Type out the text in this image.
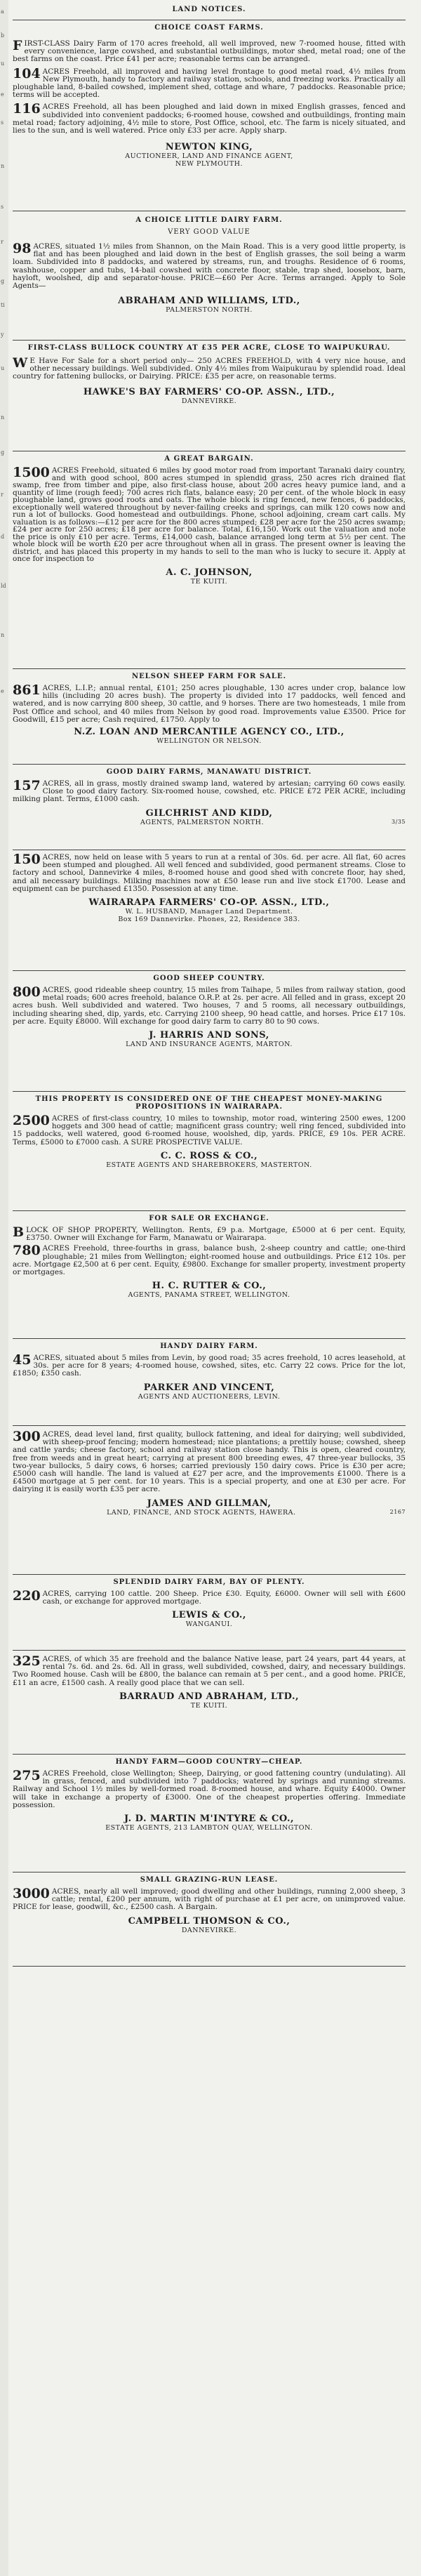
a
b
u
e
s
n
s
r
g
ti
y
u
n
g
r
d
ld
n
e

LAND NOTICES.

CHOICE COAST FARMS.

F IRST-CLASS Dairy Farm of 170 acres freehold, all well improved, new 7-roomed house, fitted with every convenience, large cowshed, and substantial outbuildings, motor shed, metal road; one of the best farms on the coast. Price £41 per acre; reasonable terms can be arranged.

104 ACRES Freehold, all improved and having level frontage to good metal road, 4½ miles from New Plymouth, handy to factory and railway station, schools, and freezing works. Practically all ploughable land, 8-bailed cowshed, implement shed, cottage and whare, 7 paddocks. Reasonable price; terms will be accepted.

116 ACRES Freehold, all has been ploughed and laid down in mixed English grasses, fenced and subdivided into convenient paddocks; 6-roomed house, cowshed and outbuildings, fronting main metal road; factory adjoining, 4½ mile to store, Post Office, school, etc. The farm is nicely situated, and lies to the sun, and is well watered. Price only £33 per acre. Apply sharp.

NEWTON KING,

AUCTIONEER, LAND AND FINANCE AGENT,

NEW PLYMOUTH.

A CHOICE LITTLE DAIRY FARM.

VERY GOOD VALUE

98 ACRES, situated 1½ miles from Shannon, on the Main Road. This is a very good little property, is flat and has been ploughed and laid down in the best of English grasses, the soil being a warm loam. Subdivided into 8 paddocks, and watered by streams, run, and troughs. Residence of 6 rooms, washhouse, copper and tubs, 14-bail cowshed with concrete floor, stable, trap shed, loosebox, barn, hayloft, woolshed, dip and separator-house. PRICE—£60 Per Acre. Terms arranged. Apply to Sole Agents—

ABRAHAM AND WILLIAMS, LTD.,

PALMERSTON NORTH.

FIRST-CLASS BULLOCK COUNTRY AT £35 PER ACRE, CLOSE TO WAIPUKURAU.

W E Have For Sale for a short period only— 250 ACRES FREEHOLD, with 4 very nice house, and other necessary buildings. Well subdivided. Only 4½ miles from Waipukurau by splendid road. Ideal country for fattening bullocks, or Dairying. PRICE: £35 per acre, on reasonable terms.

HAWKE'S BAY FARMERS' CO-OP. ASSN., LTD.,

DANNEVIRKE.

A GREAT BARGAIN.

1500 ACRES Freehold, situated 6 miles by good motor road from important Taranaki dairy country, and with good school, 800 acres stumped in splendid grass, 250 acres rich drained flat swamp, free from timber and pipe, also first-class house, about 200 acres heavy pumice land, and a quantity of lime (rough feed); 700 acres rich flats, balance easy; 20 per cent. of the whole block in easy ploughable land, grows good roots and oats. The whole block is ring fenced, new fences, 6 paddocks, exceptionally well watered throughout by never-failing creeks and springs, can milk 120 cows now and run a lot of bullocks. Good homestead and outbuildings. Phone, school adjoining, cream cart calls. My valuation is as follows:—£12 per acre for the 800 acres stumped; £28 per acre for the 250 acres swamp; £24 per acre for 250 acres; £18 per acre for balance. Total, £16,150. Work out the valuation and note the price is only £10 per acre. Terms, £14,000 cash, balance arranged long term at 5½ per cent. The whole block will be worth £20 per acre throughout when all in grass. The present owner is leaving the district, and has placed this property in my hands to sell to the man who is lucky to secure it. Apply at once for inspection to

A. C. JOHNSON,

TE KUITI.

NELSON SHEEP FARM FOR SALE.

861 ACRES, L.I.P.; annual rental, £101; 250 acres ploughable, 130 acres under crop, balance low hills (including 20 acres bush). The property is divided into 17 paddocks, well fenced and watered, and is now carrying 800 sheep, 30 cattle, and 9 horses. There are two homesteads, 1 mile from Post Office and school, and 40 miles from Nelson by good road. Improvements value £3500. Price for Goodwill, £15 per acre; Cash required, £1750. Apply to

N.Z. LOAN AND MERCANTILE AGENCY CO., LTD.,

WELLINGTON OR NELSON.

GOOD DAIRY FARMS, MANAWATU DISTRICT.

157 ACRES, all in grass, mostly drained swamp land, watered by artesian; carrying 60 cows easily. Close to good dairy factory. Six-roomed house, cowshed, etc. PRICE £72 PER ACRE, including milking plant. Terms, £1000 cash.

GILCHRIST AND KIDD,

AGENTS, PALMERSTON NORTH.	3/35

150 ACRES, now held on lease with 5 years to run at a rental of 30s. 6d. per acre. All flat, 60 acres been stumped and ploughed. All well fenced and subdivided, good permanent streams. Close to factory and school, Dannevirke 4 miles, 8-roomed house and good shed with concrete floor, hay shed, and all necessary buildings. Milking machines now at £50 lease run and live stock £1700. Lease and equipment can be purchased £1350. Possession at any time.

WAIRARAPA FARMERS' CO-OP. ASSN., LTD.,

W. L. HUSBAND, Manager Land Department.

Box 169 Dannevirke. Phones, 22, Residence 383.

GOOD SHEEP COUNTRY.

800 ACRES, good rideable sheep country, 15 miles from Taihape, 5 miles from railway station, good metal roads; 600 acres freehold, balance O.R.P. at 2s. per acre. All felled and in grass, except 20 acres bush. Well subdivided and watered. Two houses, 7 and 5 rooms, all necessary outbuildings, including shearing shed, dip, yards, etc. Carrying 2100 sheep, 90 head cattle, and horses. Price £17 10s. per acre. Equity £8000. Will exchange for good dairy farm to carry 80 to 90 cows.

J. HARRIS AND SONS,

LAND AND INSURANCE AGENTS, MARTON.

THIS PROPERTY IS CONSIDERED ONE OF THE CHEAPEST MONEY-MAKING PROPOSITIONS IN WAIRARAPA.

2500 ACRES of first-class country, 10 miles to township, motor road, wintering 2500 ewes, 1200 hoggets and 300 head of cattle; magnificent grass country; well ring fenced, subdivided into 15 paddocks, well watered, good 6-roomed house, woolshed, dip, yards. PRICE, £9 10s. PER ACRE. Terms, £5000 to £7000 cash. A SURE PROSPECTIVE VALUE.

C. C. ROSS & CO.,

ESTATE AGENTS AND SHAREBROKERS, MASTERTON.

FOR SALE OR EXCHANGE.

B LOCK OF SHOP PROPERTY, Wellington. Rents, £9 p.a. Mortgage, £5000 at 6 per cent. Equity, £3750. Owner will Exchange for Farm, Manawatu or Wairarapa.

780 ACRES Freehold, three-fourths in grass, balance bush, 2-sheep country and cattle; one-third ploughable; 21 miles from Wellington; eight-roomed house and outbuildings. Price £12 10s. per acre. Mortgage £2,500 at 6 per cent. Equity, £9800. Exchange for smaller property, investment property or mortgages.

H. C. RUTTER & CO.,

AGENTS, PANAMA STREET, WELLINGTON.

HANDY DAIRY FARM.

45 ACRES, situated about 5 miles from Levin, by good road; 35 acres freehold, 10 acres leasehold, at 30s. per acre for 8 years; 4-roomed house, cowshed, sites, etc. Carry 22 cows. Price for the lot, £1850; £350 cash.

PARKER AND VINCENT,

AGENTS AND AUCTIONEERS, LEVIN.

300 ACRES, dead level land, first quality, bullock fattening, and ideal for dairying; well subdivided, with sheep-proof fencing; modern homestead; nice plantations; a prettily house; cowshed, sheep and cattle yards; cheese factory, school and railway station close handy. This is open, cleared country, free from weeds and in great heart; carrying at present 800 breeding ewes, 47 three-year bullocks, 35 two-year bullocks, 5 dairy cows, 6 horses; carried previously 150 dairy cows. Price is £30 per acre; £5000 cash will handle. The land is valued at £27 per acre, and the improvements £1000. There is a £4500 mortgage at 5 per cent. for 10 years. This is a special property, and one at £30 per acre. For dairying it is easily worth £35 per acre.

JAMES AND GILLMAN,

LAND, FINANCE, AND STOCK AGENTS, HAWERA.	2167

SPLENDID DAIRY FARM, BAY OF PLENTY.

220 ACRES, carrying 100 cattle. 200 Sheep. Price £30. Equity, £6000. Owner will sell with £600 cash, or exchange for approved mortgage.

LEWIS & CO.,

WANGANUI.

325 ACRES, of which 35 are freehold and the balance Native lease, part 24 years, part 44 years, at rental 7s. 6d. and 2s. 6d. All in grass, well subdivided, cowshed, dairy, and necessary buildings. Two Roomed house. Cash will be £800, the balance can remain at 5 per cent., and a good home. PRICE, £11 an acre, £1500 cash. A really good place that we can sell.

BARRAUD AND ABRAHAM, LTD.,

TE KUITI.

HANDY FARM—GOOD COUNTRY—CHEAP.

275 ACRES Freehold, close Wellington; Sheep, Dairying, or good fattening country (undulating). All in grass, fenced, and subdivided into 7 paddocks; watered by springs and running streams. Railway and School 1½ miles by well-formed road. 8-roomed house, and whare. Equity £4000. Owner will take in exchange a property of £3000. One of the cheapest properties offering. Immediate possession.

J. D. MARTIN M'INTYRE & CO.,

ESTATE AGENTS, 213 LAMBTON QUAY, WELLINGTON.

SMALL GRAZING-RUN LEASE.

3000 ACRES, nearly all well improved; good dwelling and other buildings, running 2,000 sheep, 3 cattle; rental, £200 per annum, with right of purchase at £1 per acre, on unimproved value. PRICE for lease, goodwill, &c., £2500 cash. A Bargain.

CAMPBELL THOMSON & CO.,

DANNEVIRKE.
